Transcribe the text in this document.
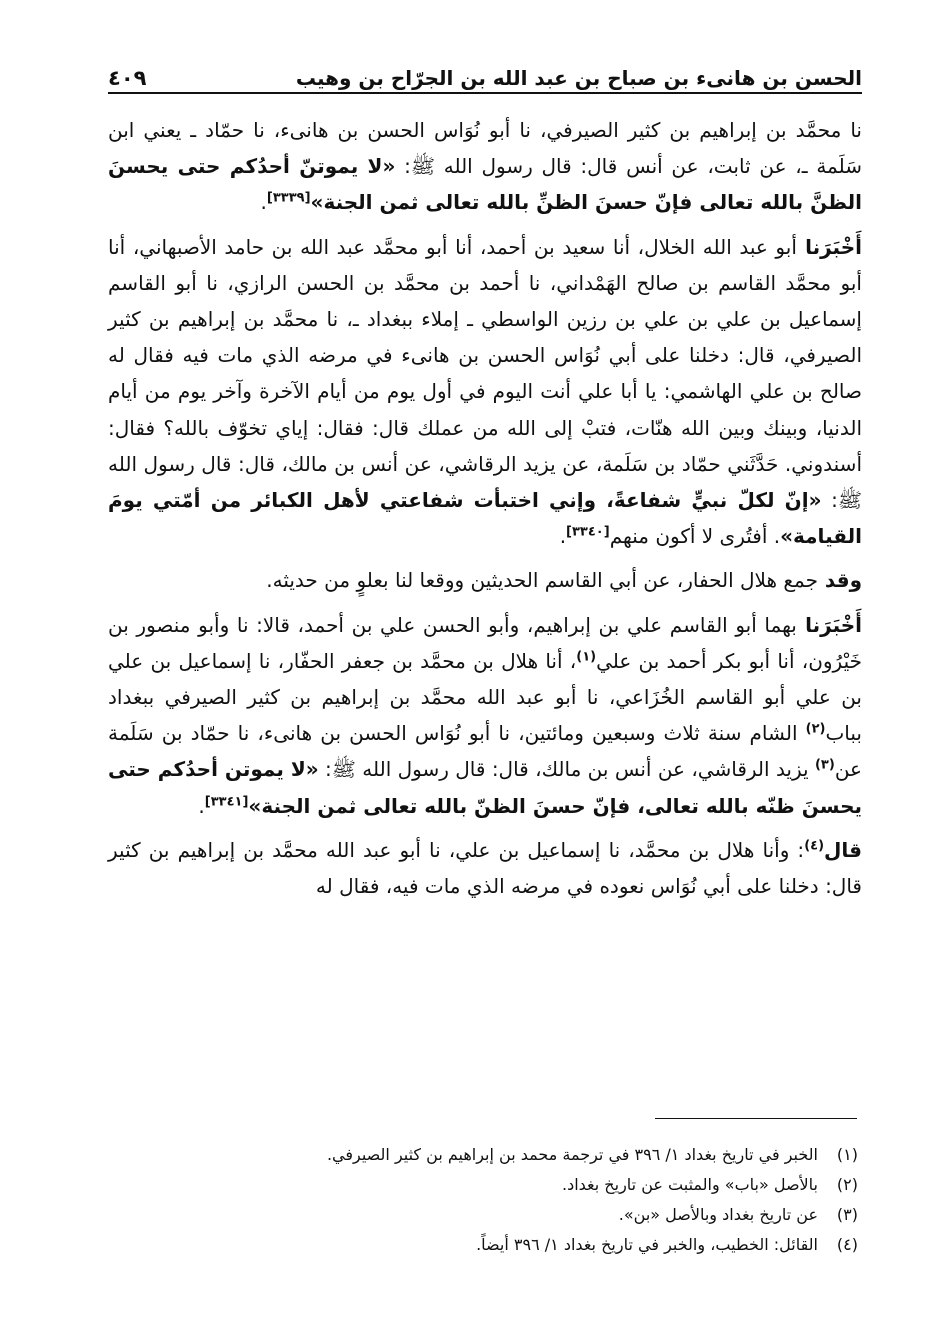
الحسن بن هانىء بن صباح بن عبد الله بن الجرّاح بن وهيب
٤٠٩
نا محمَّد بن إبراهيم بن كثير الصيرفي، نا أبو نُوَاس الحسن بن هانىء، نا حمّاد ـ يعني ابن سَلَمة ـ، عن ثابت، عن أنس قال: قال رسول الله ﷺ: «لا يموتنّ أحدُكم حتى يحسنَ الظنَّ بالله تعالى فإنّ حسنَ الظنِّ بالله تعالى ثمن الجنة»[٣٣٣٩].
أَخْبَرَنا أبو عبد الله الخلال، أنا سعيد بن أحمد، أنا أبو محمَّد عبد الله بن حامد الأصبهاني، أنا أبو محمَّد القاسم بن صالح الهَمْداني، نا أحمد بن محمَّد بن الحسن الرازي، نا أبو القاسم إسماعيل بن علي بن علي بن رزين الواسطي ـ إملاء ببغداد ـ، نا محمَّد بن إبراهيم بن كثير الصيرفي، قال: دخلنا على أبي نُوَاس الحسن بن هانىء في مرضه الذي مات فيه فقال له صالح بن علي الهاشمي: يا أبا علي أنت اليوم في أول يوم من أيام الآخرة وآخر يوم من أيام الدنيا، وبينك وبين الله هنّات، فتبْ إلى الله من عملك قال: فقال: إياي تخوّف بالله؟ فقال: أسندوني. حَدَّثَني حمّاد بن سَلَمة، عن يزيد الرقاشي، عن أنس بن مالك، قال: قال رسول الله ﷺ: «إنّ لكلّ نبيٍّ شفاعةً، وإني اختبأت شفاعتي لأهل الكبائر من أمّتي يومَ القيامة». أفتُرى لا أكون منهم[٣٣٤٠].
وقد جمع هلال الحفار، عن أبي القاسم الحديثين ووقعا لنا بعلوٍ من حديثه.
أَخْبَرَنا بهما أبو القاسم علي بن إبراهيم، وأبو الحسن علي بن أحمد، قالا: نا وأبو منصور بن خَيْرُون، أنا أبو بكر أحمد بن علي$^{(١)}$، أنا هلال بن محمَّد بن جعفر الحفّار، نا إسماعيل بن علي بن علي أبو القاسم الخُزَاعي، نا أبو عبد الله محمَّد بن إبراهيم بن كثير الصيرفي ببغداد بباب$^{(٢)}$ الشام سنة ثلاث وسبعين ومائتين، نا أبو نُوَاس الحسن بن هانىء، نا حمّاد بن سَلَمة عن$^{(٣)}$ يزيد الرقاشي، عن أنس بن مالك، قال: قال رسول الله ﷺ: «لا يموتن أحدُكم حتى يحسنَ ظنّه بالله تعالى، فإنّ حسنَ الظنّ بالله تعالى ثمن الجنة»[٣٣٤١].
قال$^{(٤)}$: وأنا هلال بن محمَّد، نا إسماعيل بن علي، نا أبو عبد الله محمَّد بن إبراهيم بن كثير قال: دخلنا على أبي نُوَاس نعوده في مرضه الذي مات فيه، فقال له
(١)
الخبر في تاريخ بغداد ١/ ٣٩٦ في ترجمة محمد بن إبراهيم بن كثير الصيرفي.
(٢)
بالأصل «باب» والمثبت عن تاريخ بغداد.
(٣)
عن تاريخ بغداد وبالأصل «بن».
(٤)
القائل: الخطيب، والخبر في تاريخ بغداد ١/ ٣٩٦ أيضاً.
